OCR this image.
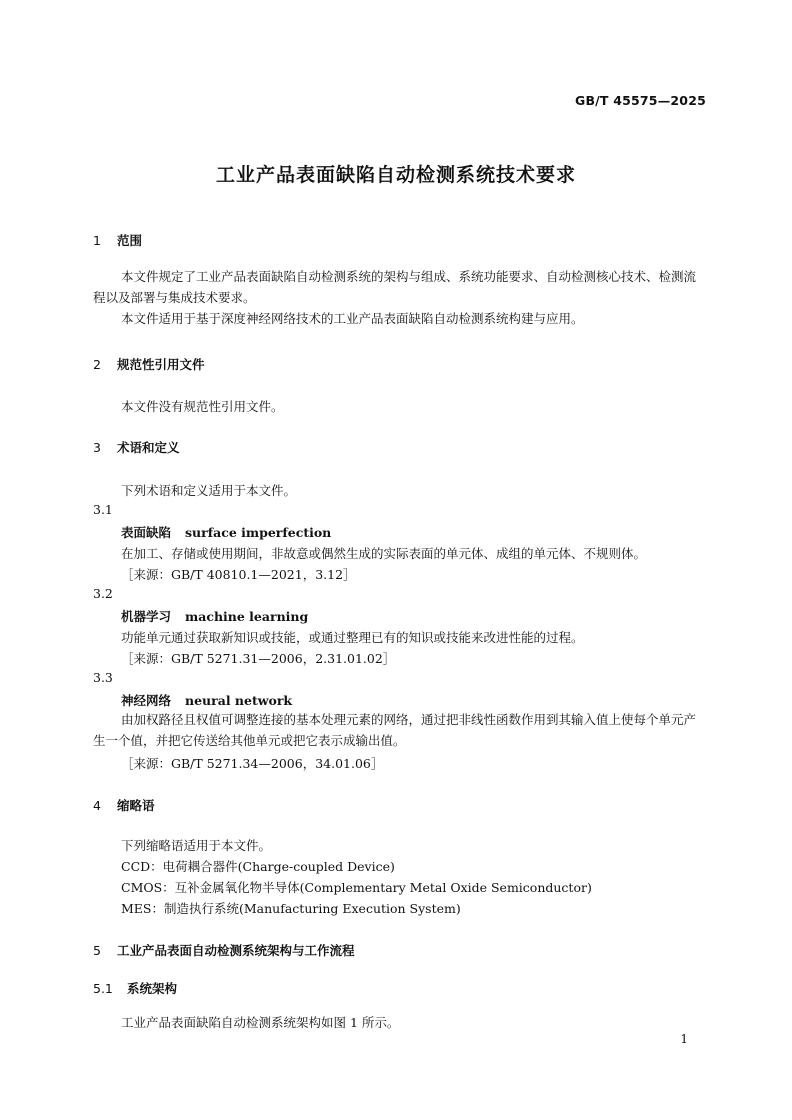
GB/T 45575—2025
工业产品表面缺陷自动检测系统技术要求
1 范围
本文件规定了工业产品表面缺陷自动检测系统的架构与组成、系统功能要求、自动检测核心技术、检测流程以及部署与集成技术要求。
本文件适用于基于深度神经网络技术的工业产品表面缺陷自动检测系统构建与应用。
2 规范性引用文件
本文件没有规范性引用文件。
3 术语和定义
下列术语和定义适用于本文件。
3.1
表面缺陷 surface imperfection
在加工、存储或使用期间，非故意或偶然生成的实际表面的单元体、成组的单元体、不规则体。
［来源：GB/T 40810.1—2021，3.12］
3.2
机器学习 machine learning
功能单元通过获取新知识或技能，或通过整理已有的知识或技能来改进性能的过程。
［来源：GB/T 5271.31—2006，2.31.01.02］
3.3
神经网络 neural network
由加权路径且权值可调整连接的基本处理元素的网络，通过把非线性函数作用到其输入值上使每个单元产生一个值，并把它传送给其他单元或把它表示成输出值。
［来源：GB/T 5271.34—2006，34.01.06］
4 缩略语
下列缩略语适用于本文件。
CCD：电荷耦合器件(Charge-coupled Device)
CMOS：互补金属氧化物半导体(Complementary Metal Oxide Semiconductor)
MES：制造执行系统(Manufacturing Execution System)
5 工业产品表面自动检测系统架构与工作流程
5.1 系统架构
工业产品表面缺陷自动检测系统架构如图 1 所示。
1
